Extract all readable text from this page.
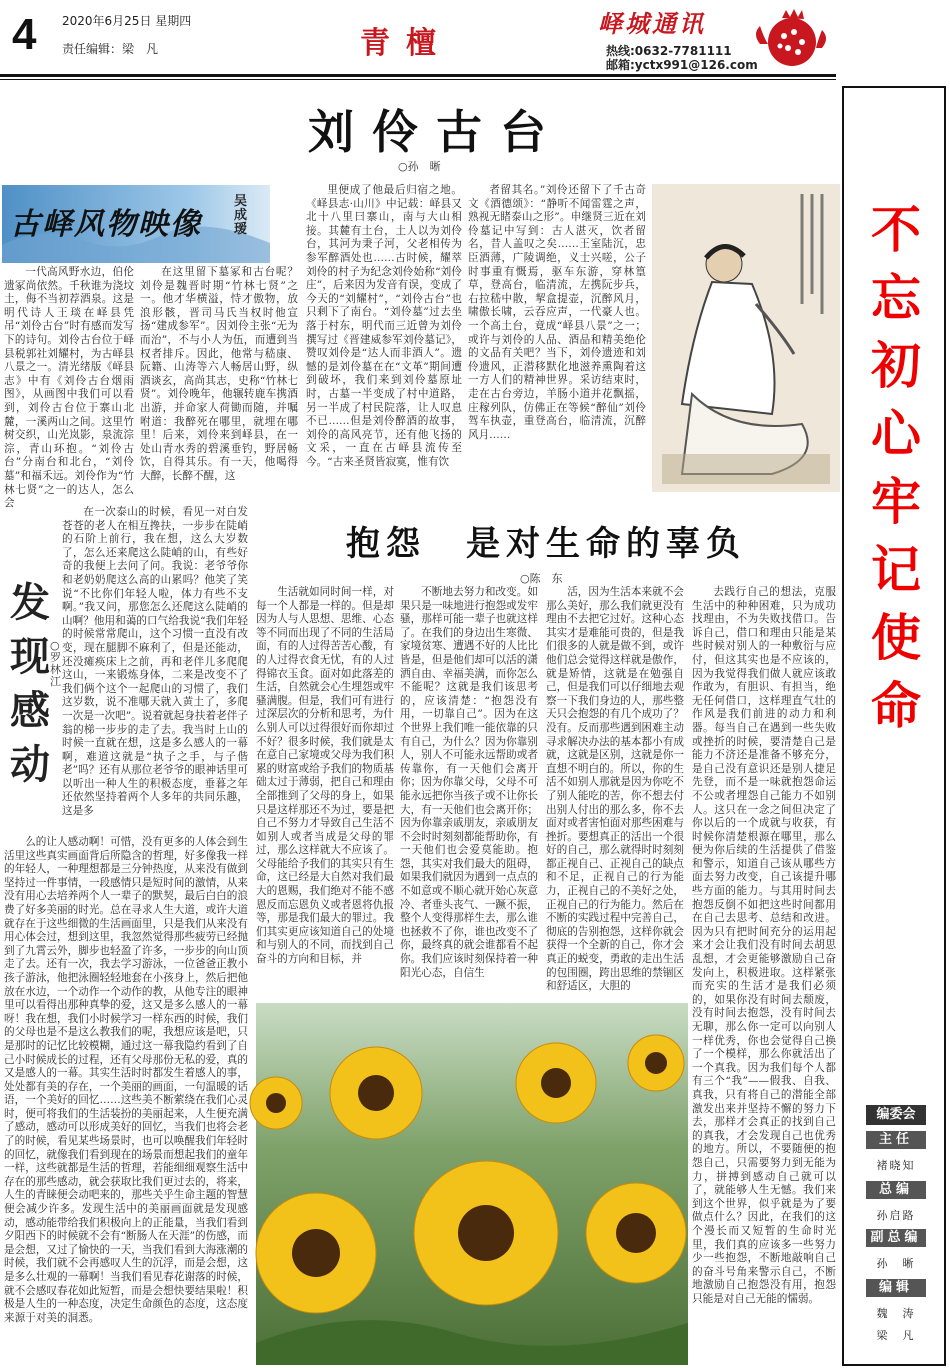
4 2020年6月25日 星期四
责任编辑：梁　凡	青檀
峄城通讯
热线:0632-7781111
邮箱:yctx991@126.com
不
忘
初
心
牢
记
使
命
编委会
主任
褚晓知
总编
孙启路
副总编
孙　晰
编辑
魏　涛
梁　凡
刘伶古台
○孙　晰
古峄风物映像
吴成瑷

一代高风野水边，伯伦遗冢尚依然。千秋谁为浇坟土，侮不当初荐酒泉。这是明代诗人王琰在峄县凭吊“刘伶古台”时有感而发写下的诗句。刘伶古台位于峄县税郭社刘耀村，为古峄县八景之一。清光绪版《峄县志》中有《刘伶古台烟雨图》，从画图中我们可以看到，刘伶古台位于寨山北麓，一溪两山之间。这里竹树交织，山光岚影，泉流淙淙，青山环抱。“刘伶古台”分南台和北台，“刘伶墓”和福禾远。刘伶作为“竹林七贤”之一的达人，怎么会

在这里留下墓冢和古台呢？刘伶是魏晋时期“竹林七贤”之一。他才华横溢，恃才傲物，放浪形骸，晋司马氏当权时他宣扬“建成参军”。因刘伶主张“无为而治”，不与小人为伍，而遭到当权者排斥。因此，他常与嵇康、阮籍、山涛等六人畅居山野，纵酒谈玄，高尚其志，史称“竹林七贤”。刘伶晚年，他辗转鹿车携酒出游，并命家人荷锄而随，并嘱咐道：我醉死在哪里，就埋在哪里！后来，刘伶来到峄县，在一处山青水秀的碧溪垂钓，野居畅饮，自得其乐。有一天，他喝得大醉，长醉不醒，这

里便成了他最后归宿之地。《峄县志·山川》中记载：峄县又北十八里曰寨山，南与大山相接。其麓有土台，土人以为刘伶台，其河为秉子河，父老相传为参军醉酒处也……古时候，耀萃刘伶的村子为纪念刘伶始称“刘伶庄”，后来因为发音有误，变成了今天的“刘耀村”，“刘伶古台”也只剩下了南台。“刘伶墓”过去坐落于村东，明代而三近曾为刘伶撰写过《晋建威参军刘伶墓记》，赞叹刘伶是“达人而非酒人”。遗憾的是刘伶墓在在“文革”期间遭到破坏，我们来到刘伶墓原址时，古墓一半变成了村中道路，另一半成了村民院落，让人叹息不已……但是刘伶醉酒的故事，刘伶的高风亮节，还有他飞扬的文采，一直在古峄县流传至今。“古来圣贤皆寂寞，惟有饮

者留其名。”刘伶还留下了千古奇文《酒德颂》：“静听不闻雷霆之声，熟视无睹泰山之形”。申继贤三近在刘伶墓记中写到：古人湛灭，饮者留名，昔人盖叹之矣……王室陆沉，忠臣酒薄，广陵调绝，义士兴嗟，公子时事重有慨焉，驱车东游，穿林篁草，登高台，临清流，左携阮步兵，右拉嵇中散，挈盒提壶，沉醉风月，啸傲长啸，云吞应声，一代豪人也。一个高土台，竟成“峄县八景”之一；或许与刘伶的人品、酒品和精美绝伦的文品有关吧？当下，刘伶遗迹和刘伶遗风，正潜移默化地滋养熏陶着这一方人们的精神世界。采访结束时，走在古台旁边，羊肠小道并花飘摇，庄稼列队，仿佛正在等候“醉仙”刘伶驾车执壶，重登高台，临清流，沉醉风月……

在一次泰山的时候，看见一对白发苍苍的老人在相互搀扶，一步步在陡峭的石阶上前行，我在想，这么大岁数了，怎么还来爬这么陡峭的山，有些好奇的我便上去问了问。我说：老爷爷你和老奶奶爬这么高的山累吗？他笑了笑说“不比你们年轻人啦，体力有些不支啊。”我又问，那您怎么还爬这么陡峭的山啊？他用和蔼的口气给我说“我们年轻的时候常常爬山，这个习惯一直没有改变，现在腿脚不麻利了，但是还能动，还没瘫痪床上之前，再和老伴儿多爬爬这山，一来锻炼身体，二来是改变不了我们俩个这个一起爬山的习惯了，我们这岁数，说不准哪天就入黄土了，多爬一次是一次吧”。说着就起身扶着老伴子翁的梯一步步的走了去。我当时上山的时候一直就在想，这是多么感人的一幕啊，难道这就是“执子之手，与子偕老”吗？还有从那位老爷爷的眼神话里可以听出一种人生的积极态度，垂暮之年还依然坚持着两个人多年的共同乐趣，这是多

发
现
感
动
○罗林江

么的让人感动啊！可惜，没有更多的人体会到生活里这些真实画面背后所隐含的哲理，好多像我一样的年轻人，一种理想都是三分钟热度，从来没有做到坚持过一件事情，一段感情只是短时间的激情，从来没有用心去培养两个人一辈子的默契，最后白白的浪费了好多美丽的时光。总在寻求人生大道，或许大道就存在于这些细微的生活画面里，只是我们从来没有用心体会过，想到这里，我忽然觉得那些疲劳已经抛到了九霄云外，脚步也轻盈了许多，一步步的向山顶走了去。还有一次，我去学习游泳，一位爸爸正教小孩子游泳，他把泳圈轻轻地套在小孩身上，然后把他放在水边，一个动作一个动作的教，从他专注的眼神里可以看得出那种真挚的爱，这又是多么感人的一幕呀！我在想，我们小时候学习一样东西的时候，我们的父母也是不是这么教我们的呢，我想应该是吧，只是那时的记忆比较模糊，通过这一幕我隐约看到了自己小时候成长的过程，还有父母那份无私的爱，真的又是感人的一幕。其实生活时时都发生着感人的事，处处都有美的存在，一个美丽的画面，一句温暖的话语，一个美好的回忆……这些美不断萦绕在我们心灵时，便可将我们的生活装扮的美丽起来，人生便充满了感动，感动可以形成美好的回忆，当我们也将会老了的时候，看见某些场景时，也可以唤醒我们年轻时的回忆，就像我们看到现在的场景而想起我们的童年一样，这些就都是生活的哲理，若能细细观察生活中存在的那些感动，就会获取比我们更过去的，将来，人生的青睐便会动吧来的，那些关乎生命主题的智慧便会减少许多。发现生活中的美丽画面就是发现感动，感动能带给我们积极向上的正能量，当我们看到夕阳西下的时候就不会有“断肠人在天涯”的伤感，而是会想，又过了愉快的一天，当我们看到大海涨潮的时候，我们就不会再感叹人生的沉浮，而是会想，这是多么壮观的一幕啊！当我们看见春花谢落的时候，就不会感叹春花如此短暂，而是会想快要结果啦！积极是人生的一种态度，决定生命颜色的态度，这态度来源于对美的洞悉。

抱怨　是对生命的辜负
○陈　东

生活就如同时间一样，对每一个人都是一样的。但是却因为人与人思想、思维、心态等不同而出现了不同的生活局面，有的人过得苦苦心酸，有的人过得衣食无忧，有的人过得锦衣玉食。面对如此落差的生活，自然就会心生埋怨或牢骚满腹。但是，我们可有进行过深层次的分析和思考，为什么别人可以过得很好而你却过不好？很多时候，我们就是太在意自己家境或父母为我们积累的财富或给予我们的物质基础太过于薄弱，把自己和理由全部推到了父母的身上，如果只是这样那还不为过，要是把自己不努力才导致自己生活不如别人或者当成是父母的罪过，那么这样就大不应该了。父母能给予我们的其实只有生命，这已经是大自然对我们最大的恩赐，我们绝对不能不感恩反而忘恩负义或者恩将仇报等，那是我们最大的罪过。我们其实更应该知道自己的处境和与别人的不同，而找到自己奋斗的方向和目标，并

不断地去努力和改变。如果只是一味地进行抱怨或发牢骚，那样可能一辈子也就这样了。在我们的身边出生寒微、家境贫寒、遭遇不好的人比比皆是，但是他们却可以活的潇洒自由、幸福美满，而你怎么不能呢？这就是我们该思考的，应该清楚：“抱怨没有用，一切靠自己”。因为在这个世界上我们唯一能依靠的只有自己，为什么？因为你靠别人，别人不可能永远帮助或者传靠你，有一天他们会离开你；因为你靠父母，父母不可能永远把你当孩子或不让你长大，有一天他们也会离开你；因为你靠亲戚朋友，亲戚朋友不会时时刻刻都能帮助你，有一天他们也会爱莫能助。抱怨，其实对我们最大的阻碍，如果我们就因为遇到一点点的不如意或不顺心就开始心灰意冷、者垂头丧气、一蹶不振，整个人变得那样生去，那么谁也拯救不了你，谁也改变不了你，最终真的就会谁都看不起你。我们应该时刻保持着一种阳光心态，自信生

活，因为生活本来就不会那么美好，那么我们就更没有理由不去把它过好。这种心态其实才是难能可贵的，但是我们很多的人就是做不到，或许他们总会觉得这样就是傲作，就是矫情，这就是在勉强自己，但是我们可以仔细地去观察一下我们身边的人，那些整天只会抱怨的有几个成功了？没有。反而那些遇到困难主动寻求解决办法的基本都小有成就，这就是区别，这就是你一直想不明白的。所以，你的生活不如别人那就是因为你吃不了别人能吃的苦，你不想去付出别人付出的那么多，你不去面对或者害怕面对那些困难与挫折。要想真正的活出一个很好的自己，那么就得时时刻刻都正视自己、正视自己的缺点和不足，正视自己的行为能力，正视自己的不美好之处，正视自己的行为能力。然后在不断的实践过程中完善自己，彻底的告别抱怨，这样你就会获得一个全新的自己，你才会真正的蜕变，勇敢的走出生活的包围圈，跨出思维的禁锢区和舒适区，大胆的

去践行自己的想法，克服生活中的种种困难，只为成功找理由，不为失败找借口。告诉自己，借口和理由只能是某些时候对别人的一种敷衍与应付，但这其实也是不应该的，因为我觉得我们做人就应该敢作敢为，有胆识、有担当，绝无任何借口，这样理直气壮的作风是我们前进的动力和利器。每当自己在遇到一些失败或挫折的时候，要清楚自己是能力不济还是准备不够充分，是自己没有意识还是别人捷足先登，而不是一味就抱怨命运不公或者埋怨自己能力不如别人。这只在一念之间但决定了你以后的一个成就与收获，有时候你清楚根源在哪里，那么便为你后续的生活提供了借鉴和警示，知道自己该从哪些方面去努力改变，自己该提升哪些方面的能力。与其用时间去抱怨反倒不如把这些时间都用在自己去思考、总结和改进。因为只有把时间充分的运用起来才会让我们没有时间去胡思乱想，才会更能够激励自己奋发向上，积极进取。这样紧张而充实的生活才是我们必须的，如果你没有时间去颓废，没有时间去抱怨，没有时间去无聊，那么你一定可以向别人一样优秀，你也会觉得自己换了一个模样，那么你就活出了一个真我。因为我们每个人都有三个“我”——假我、自我、真我，只有将自己的潜能全部激发出来并坚持不懈的努力下去，那样才会真正的找到自己的真我，才会发现自己也优秀的地方。所以，不要随便的抱怨自己，只需要努力到无能为力，拼搏到感动自己就可以了，就能够人生无憾。我们来到这个世界，似乎就是为了要做点什么？因此，在我们的这个漫长而又短暂的生命时光里，我们真的应该多一些努力少一些抱怨，不断地敲响自己的奋斗号角来警示自己，不断地激励自己抱怨没有用，抱怨只能是对自己无能的懦弱。
